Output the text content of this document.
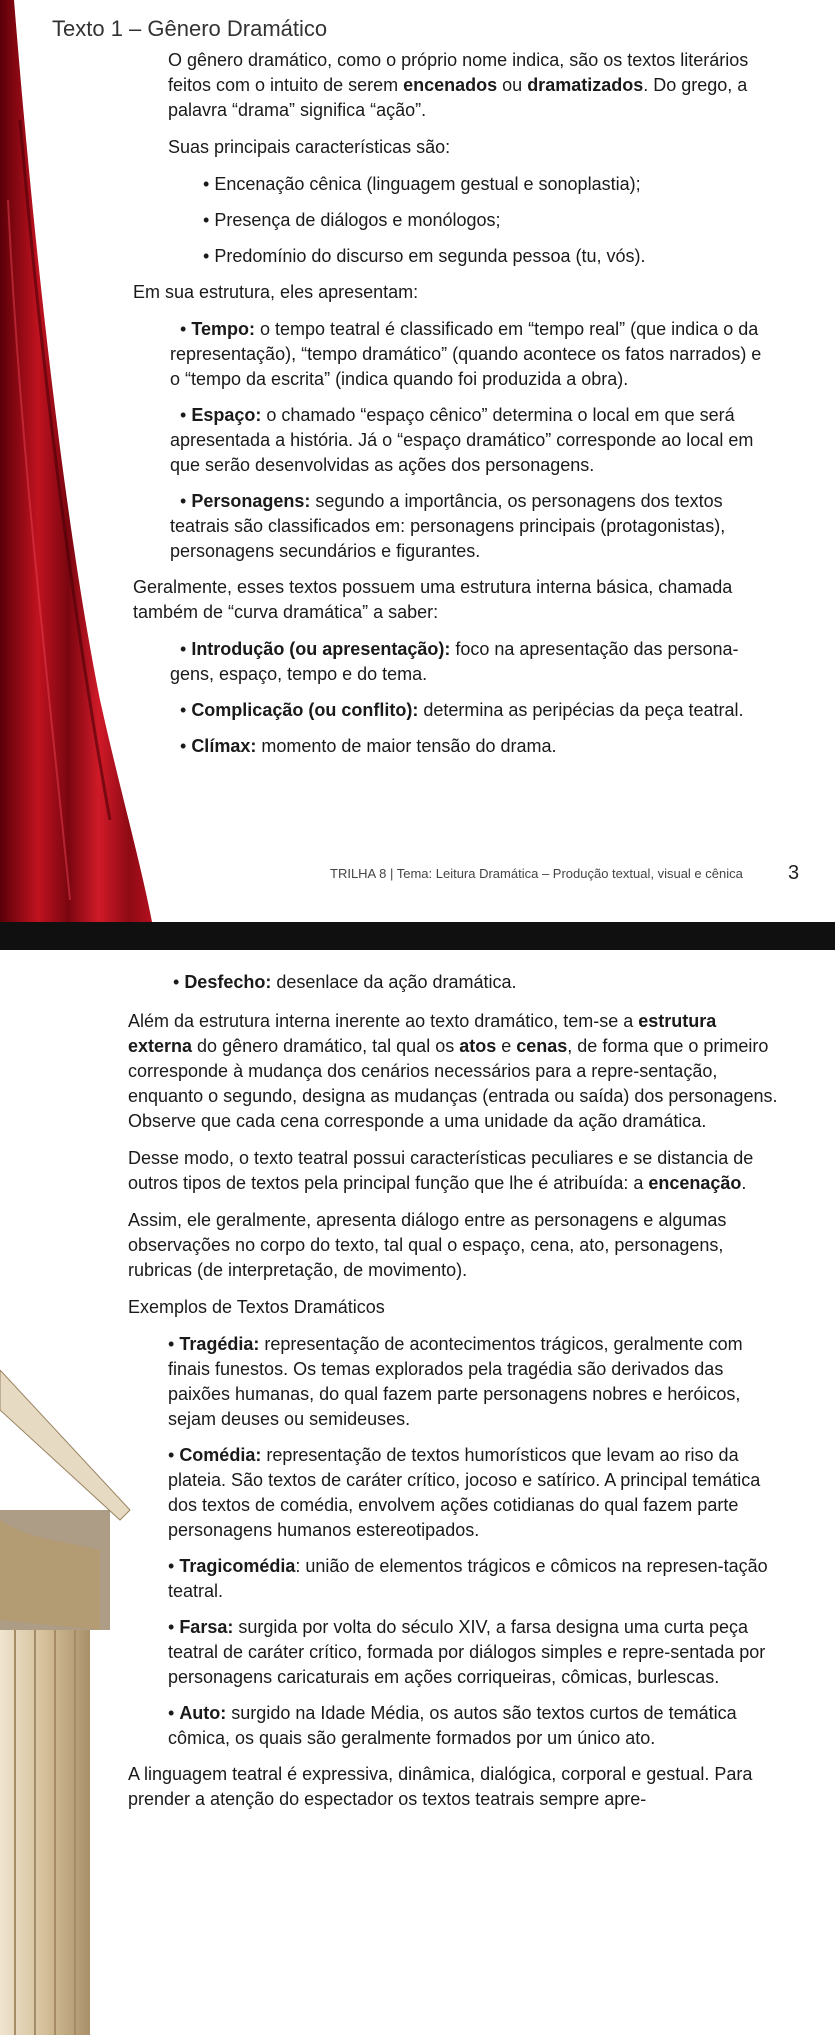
Texto 1 – Gênero Dramático

O gênero dramático, como o próprio nome indica, são os textos literários feitos com o intuito de serem encenados ou dramatizados. Do grego, a palavra “drama” significa “ação”.

Suas principais características são:

• Encenação cênica (linguagem gestual e sonoplastia);
• Presença de diálogos e monólogos;
• Predomínio do discurso em segunda pessoa (tu, vós).

Em sua estrutura, eles apresentam:

• Tempo: o tempo teatral é classificado em “tempo real” (que indica o da representação), “tempo dramático” (quando acontece os fatos narrados) e o “tempo da escrita” (indica quando foi produzida a obra).
• Espaço: o chamado “espaço cênico” determina o local em que será apresentada a história. Já o “espaço dramático” corresponde ao local em que serão desenvolvidas as ações dos personagens.
• Personagens: segundo a importância, os personagens dos textos teatrais são classificados em: personagens principais (protagonistas), personagens secundários e figurantes.

Geralmente, esses textos possuem uma estrutura interna básica, chamada também de “curva dramática” a saber:

• Introdução (ou apresentação): foco na apresentação das persona-gens, espaço, tempo e do tema.
• Complicação (ou conflito): determina as peripécias da peça teatral.
• Clímax: momento de maior tensão do drama.
TRILHA 8 | Tema: Leitura Dramática – Produção textual, visual e cênica 3
• Desfecho: desenlace da ação dramática.

Além da estrutura interna inerente ao texto dramático, tem-se a estrutura externa do gênero dramático, tal qual os atos e cenas, de forma que o primeiro corresponde à mudança dos cenários necessários para a repre-sentação, enquanto o segundo, designa as mudanças (entrada ou saída) dos personagens. Observe que cada cena corresponde a uma unidade da ação dramática.

Desse modo, o texto teatral possui características peculiares e se distancia de outros tipos de textos pela principal função que lhe é atribuída: a encenação.

Assim, ele geralmente, apresenta diálogo entre as personagens e algumas observações no corpo do texto, tal qual o espaço, cena, ato, personagens, rubricas (de interpretação, de movimento).

Exemplos de Textos Dramáticos

• Tragédia: representação de acontecimentos trágicos, geralmente com finais funestos. Os temas explorados pela tragédia são derivados das paixões humanas, do qual fazem parte personagens nobres e heróicos, sejam deuses ou semideuses.
• Comédia: representação de textos humorísticos que levam ao riso da plateia. São textos de caráter crítico, jocoso e satírico. A principal temática dos textos de comédia, envolvem ações cotidianas do qual fazem parte personagens humanos estereotipados.
• Tragicomédia: união de elementos trágicos e cômicos na represen-tação teatral.
• Farsa: surgida por volta do século XIV, a farsa designa uma curta peça teatral de caráter crítico, formada por diálogos simples e repre-sentada por personagens caricaturais em ações corriqueiras, cômicas, burlescas.
• Auto: surgido na Idade Média, os autos são textos curtos de temática cômica, os quais são geralmente formados por um único ato.

A linguagem teatral é expressiva, dinâmica, dialógica, corporal e gestual. Para prender a atenção do espectador os textos teatrais sempre apre-
